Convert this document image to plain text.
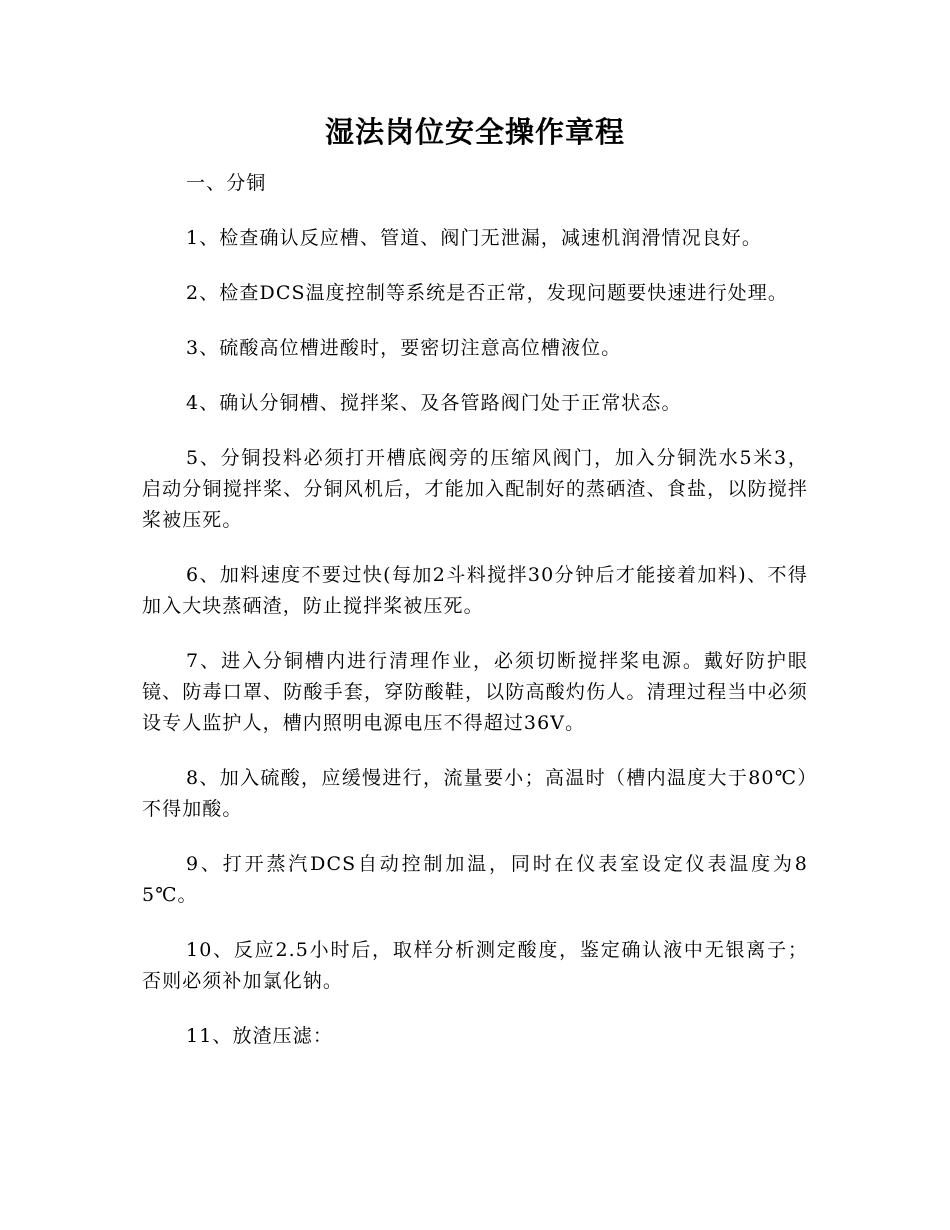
湿法岗位安全操作章程

一、分铜

1、检查确认反应槽、管道、阀门无泄漏，减速机润滑情况良好。

2、检查DCS温度控制等系统是否正常，发现问题要快速进行处理。

3、硫酸高位槽进酸时，要密切注意高位槽液位。

4、确认分铜槽、搅拌桨、及各管路阀门处于正常状态。

5、分铜投料必须打开槽底阀旁的压缩风阀门，加入分铜洗水5米3，启动分铜搅拌桨、分铜风机后，才能加入配制好的蒸硒渣、食盐，以防搅拌桨被压死。

6、加料速度不要过快(每加2斗料搅拌30分钟后才能接着加料)、不得加入大块蒸硒渣，防止搅拌桨被压死。

7、进入分铜槽内进行清理作业，必须切断搅拌桨电源。戴好防护眼镜、防毒口罩、防酸手套，穿防酸鞋，以防高酸灼伤人。清理过程当中必须设专人监护人，槽内照明电源电压不得超过36V。

8、加入硫酸，应缓慢进行，流量要小；高温时（槽内温度大于80℃）不得加酸。

9、打开蒸汽DCS自动控制加温，同时在仪表室设定仪表温度为85℃。

10、反应2.5小时后，取样分析测定酸度，鉴定确认液中无银离子；否则必须补加氯化钠。

11、放渣压滤：
